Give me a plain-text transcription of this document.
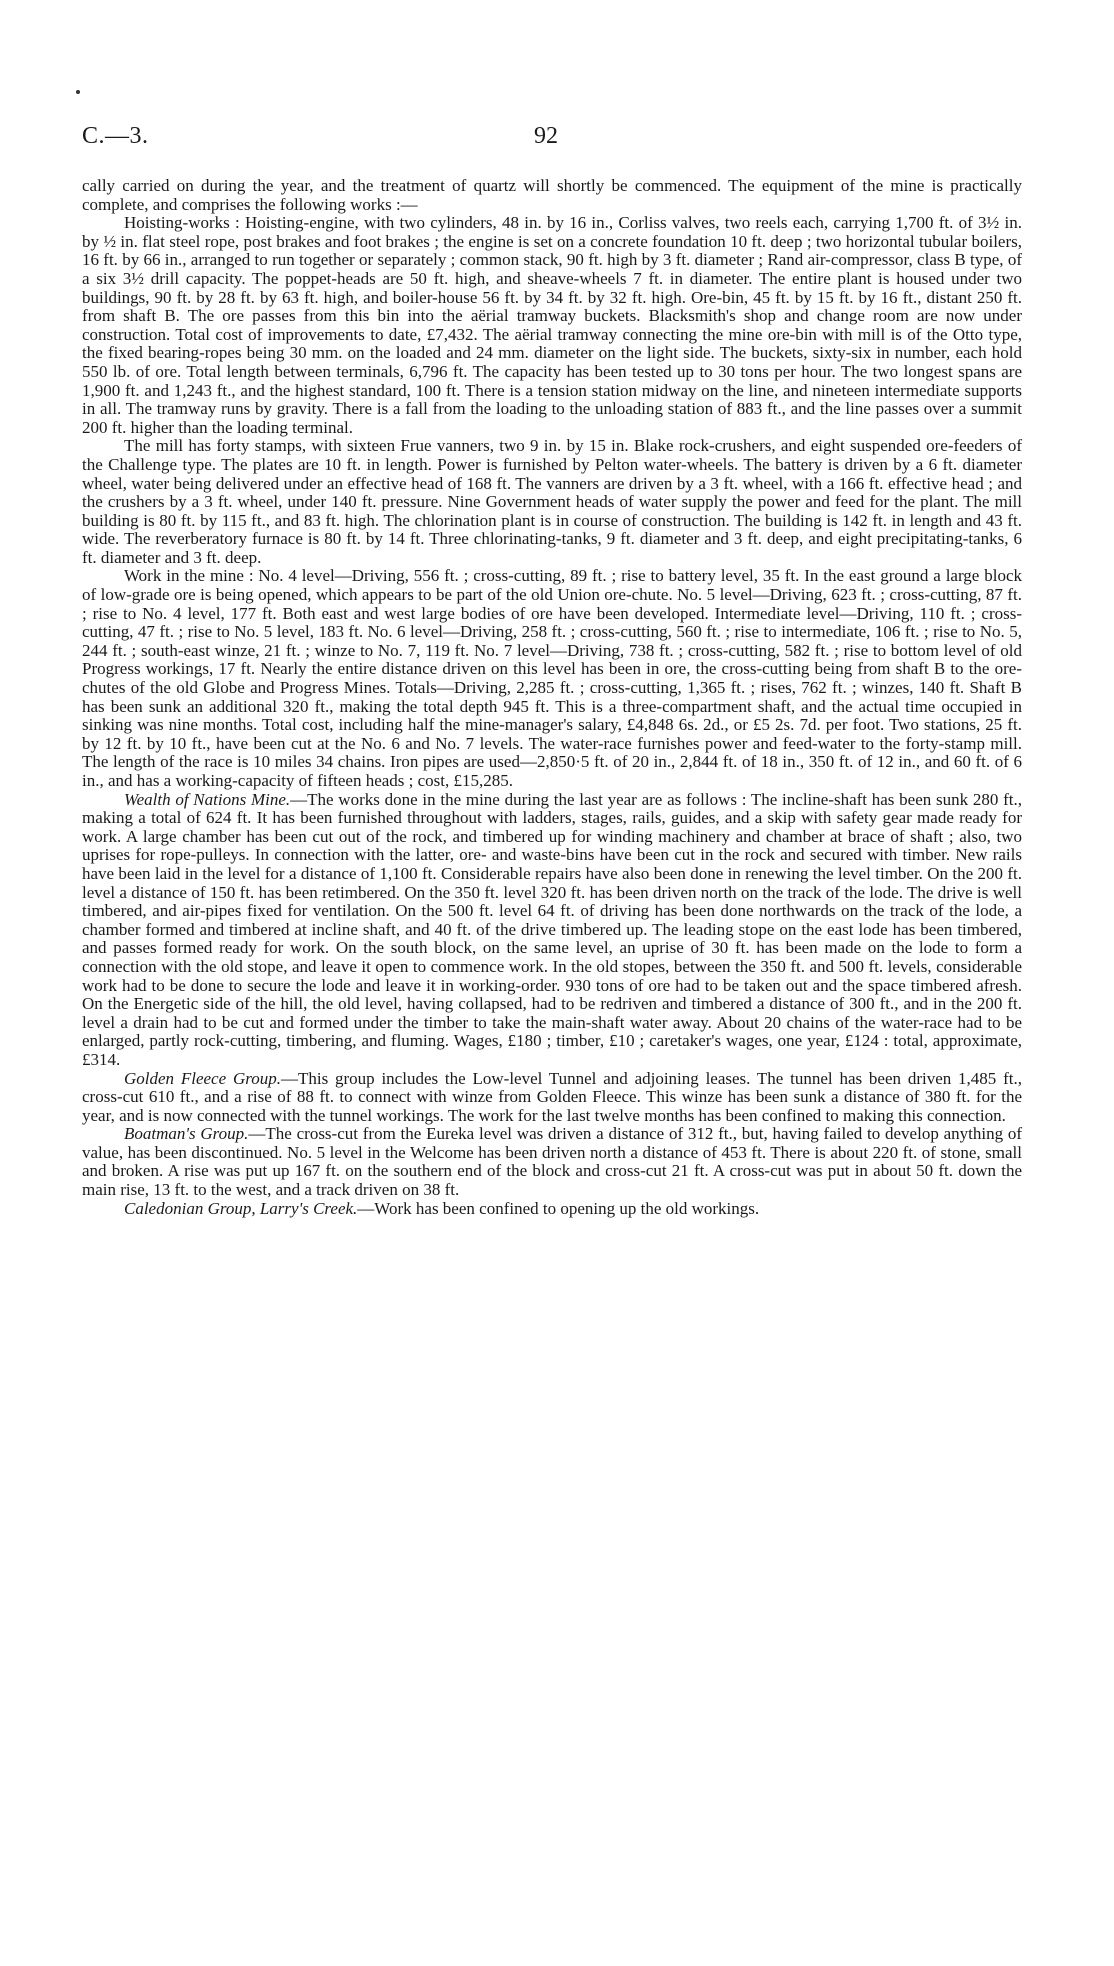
C.—3.	92

cally carried on during the year, and the treatment of quartz will shortly be commenced. The equipment of the mine is practically complete, and comprises the following works :—

Hoisting-works : Hoisting-engine, with two cylinders, 48 in. by 16 in., Corliss valves, two reels each, carrying 1,700 ft. of 3½ in. by ½ in. flat steel rope, post brakes and foot brakes ; the engine is set on a concrete foundation 10 ft. deep ; two horizontal tubular boilers, 16 ft. by 66 in., arranged to run together or separately ; common stack, 90 ft. high by 3 ft. diameter ; Rand air-compressor, class B type, of a six 3½ drill capacity. The poppet-heads are 50 ft. high, and sheave-wheels 7 ft. in diameter. The entire plant is housed under two buildings, 90 ft. by 28 ft. by 63 ft. high, and boiler-house 56 ft. by 34 ft. by 32 ft. high. Ore-bin, 45 ft. by 15 ft. by 16 ft., distant 250 ft. from shaft B. The ore passes from this bin into the aërial tramway buckets. Blacksmith's shop and change room are now under construction. Total cost of improvements to date, £7,432. The aërial tramway connecting the mine ore-bin with mill is of the Otto type, the fixed bearing-ropes being 30 mm. on the loaded and 24 mm. diameter on the light side. The buckets, sixty-six in number, each hold 550 lb. of ore. Total length between terminals, 6,796 ft. The capacity has been tested up to 30 tons per hour. The two longest spans are 1,900 ft. and 1,243 ft., and the highest standard, 100 ft. There is a tension station midway on the line, and nineteen intermediate supports in all. The tramway runs by gravity. There is a fall from the loading to the unloading station of 883 ft., and the line passes over a summit 200 ft. higher than the loading terminal.

The mill has forty stamps, with sixteen Frue vanners, two 9 in. by 15 in. Blake rock-crushers, and eight suspended ore-feeders of the Challenge type. The plates are 10 ft. in length. Power is furnished by Pelton water-wheels. The battery is driven by a 6 ft. diameter wheel, water being delivered under an effective head of 168 ft. The vanners are driven by a 3 ft. wheel, with a 166 ft. effective head ; and the crushers by a 3 ft. wheel, under 140 ft. pressure. Nine Government heads of water supply the power and feed for the plant. The mill building is 80 ft. by 115 ft., and 83 ft. high. The chlorination plant is in course of construction. The building is 142 ft. in length and 43 ft. wide. The reverberatory furnace is 80 ft. by 14 ft. Three chlorinating-tanks, 9 ft. diameter and 3 ft. deep, and eight precipitating-tanks, 6 ft. diameter and 3 ft. deep.

Work in the mine : No. 4 level—Driving, 556 ft. ; cross-cutting, 89 ft. ; rise to battery level, 35 ft. In the east ground a large block of low-grade ore is being opened, which appears to be part of the old Union ore-chute. No. 5 level—Driving, 623 ft. ; cross-cutting, 87 ft. ; rise to No. 4 level, 177 ft. Both east and west large bodies of ore have been developed. Intermediate level—Driving, 110 ft. ; cross-cutting, 47 ft. ; rise to No. 5 level, 183 ft. No. 6 level—Driving, 258 ft. ; cross-cutting, 560 ft. ; rise to intermediate, 106 ft. ; rise to No. 5, 244 ft. ; south-east winze, 21 ft. ; winze to No. 7, 119 ft. No. 7 level—Driving, 738 ft. ; cross-cutting, 582 ft. ; rise to bottom level of old Progress workings, 17 ft. Nearly the entire distance driven on this level has been in ore, the cross-cutting being from shaft B to the ore-chutes of the old Globe and Progress Mines. Totals—Driving, 2,285 ft. ; cross-cutting, 1,365 ft. ; rises, 762 ft. ; winzes, 140 ft. Shaft B has been sunk an additional 320 ft., making the total depth 945 ft. This is a three-compartment shaft, and the actual time occupied in sinking was nine months. Total cost, including half the mine-manager's salary, £4,848 6s. 2d., or £5 2s. 7d. per foot. Two stations, 25 ft. by 12 ft. by 10 ft., have been cut at the No. 6 and No. 7 levels. The water-race furnishes power and feed-water to the forty-stamp mill. The length of the race is 10 miles 34 chains. Iron pipes are used—2,850·5 ft. of 20 in., 2,844 ft. of 18 in., 350 ft. of 12 in., and 60 ft. of 6 in., and has a working-capacity of fifteen heads ; cost, £15,285.

Wealth of Nations Mine.—The works done in the mine during the last year are as follows : The incline-shaft has been sunk 280 ft., making a total of 624 ft. It has been furnished throughout with ladders, stages, rails, guides, and a skip with safety gear made ready for work. A large chamber has been cut out of the rock, and timbered up for winding machinery and chamber at brace of shaft ; also, two uprises for rope-pulleys. In connection with the latter, ore- and waste-bins have been cut in the rock and secured with timber. New rails have been laid in the level for a distance of 1,100 ft. Considerable repairs have also been done in renewing the level timber. On the 200 ft. level a distance of 150 ft. has been retimbered. On the 350 ft. level 320 ft. has been driven north on the track of the lode. The drive is well timbered, and air-pipes fixed for ventilation. On the 500 ft. level 64 ft. of driving has been done northwards on the track of the lode, a chamber formed and timbered at incline shaft, and 40 ft. of the drive timbered up. The leading stope on the east lode has been timbered, and passes formed ready for work. On the south block, on the same level, an uprise of 30 ft. has been made on the lode to form a connection with the old stope, and leave it open to commence work. In the old stopes, between the 350 ft. and 500 ft. levels, considerable work had to be done to secure the lode and leave it in working-order. 930 tons of ore had to be taken out and the space timbered afresh. On the Energetic side of the hill, the old level, having collapsed, had to be redriven and timbered a distance of 300 ft., and in the 200 ft. level a drain had to be cut and formed under the timber to take the main-shaft water away. About 20 chains of the water-race had to be enlarged, partly rock-cutting, timbering, and fluming. Wages, £180 ; timber, £10 ; caretaker's wages, one year, £124 : total, approximate, £314.

Golden Fleece Group.—This group includes the Low-level Tunnel and adjoining leases. The tunnel has been driven 1,485 ft., cross-cut 610 ft., and a rise of 88 ft. to connect with winze from Golden Fleece. This winze has been sunk a distance of 380 ft. for the year, and is now connected with the tunnel workings. The work for the last twelve months has been confined to making this connection.

Boatman's Group.—The cross-cut from the Eureka level was driven a distance of 312 ft., but, having failed to develop anything of value, has been discontinued. No. 5 level in the Welcome has been driven north a distance of 453 ft. There is about 220 ft. of stone, small and broken. A rise was put up 167 ft. on the southern end of the block and cross-cut 21 ft. A cross-cut was put in about 50 ft. down the main rise, 13 ft. to the west, and a track driven on 38 ft.

Caledonian Group, Larry's Creek.—Work has been confined to opening up the old workings.
